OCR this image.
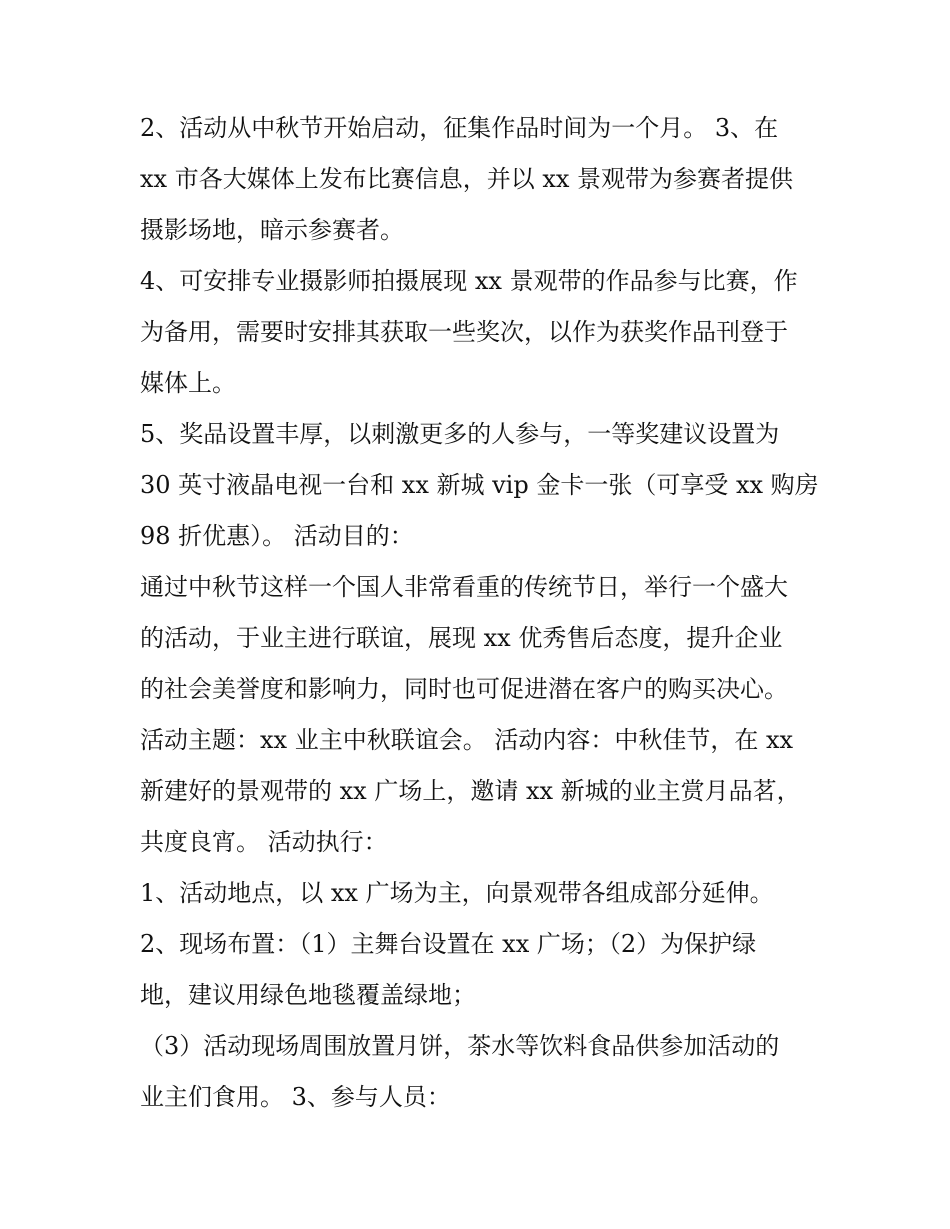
2、活动从中秋节开始启动，征集作品时间为一个月。 3、在
xx 市各大媒体上发布比赛信息，并以 xx 景观带为参赛者提供
摄影场地，暗示参赛者。
4、可安排专业摄影师拍摄展现 xx 景观带的作品参与比赛，作
为备用，需要时安排其获取一些奖次，以作为获奖作品刊登于
媒体上。
5、奖品设置丰厚，以刺激更多的人参与，一等奖建议设置为
30 英寸液晶电视一台和 xx 新城 vip 金卡一张（可享受 xx 购房
98 折优惠）。 活动目的：
通过中秋节这样一个国人非常看重的传统节日，举行一个盛大
的活动，于业主进行联谊，展现 xx 优秀售后态度，提升企业
的社会美誉度和影响力，同时也可促进潜在客户的购买决心。
活动主题：xx 业主中秋联谊会。 活动内容：中秋佳节，在 xx
新建好的景观带的 xx 广场上，邀请 xx 新城的业主赏月品茗，
共度良宵。 活动执行：
1、活动地点，以 xx 广场为主，向景观带各组成部分延伸。
2、现场布置：（1）主舞台设置在 xx 广场；（2）为保护绿
地，建议用绿色地毯覆盖绿地；
（3）活动现场周围放置月饼，茶水等饮料食品供参加活动的
业主们食用。 3、参与人员：
